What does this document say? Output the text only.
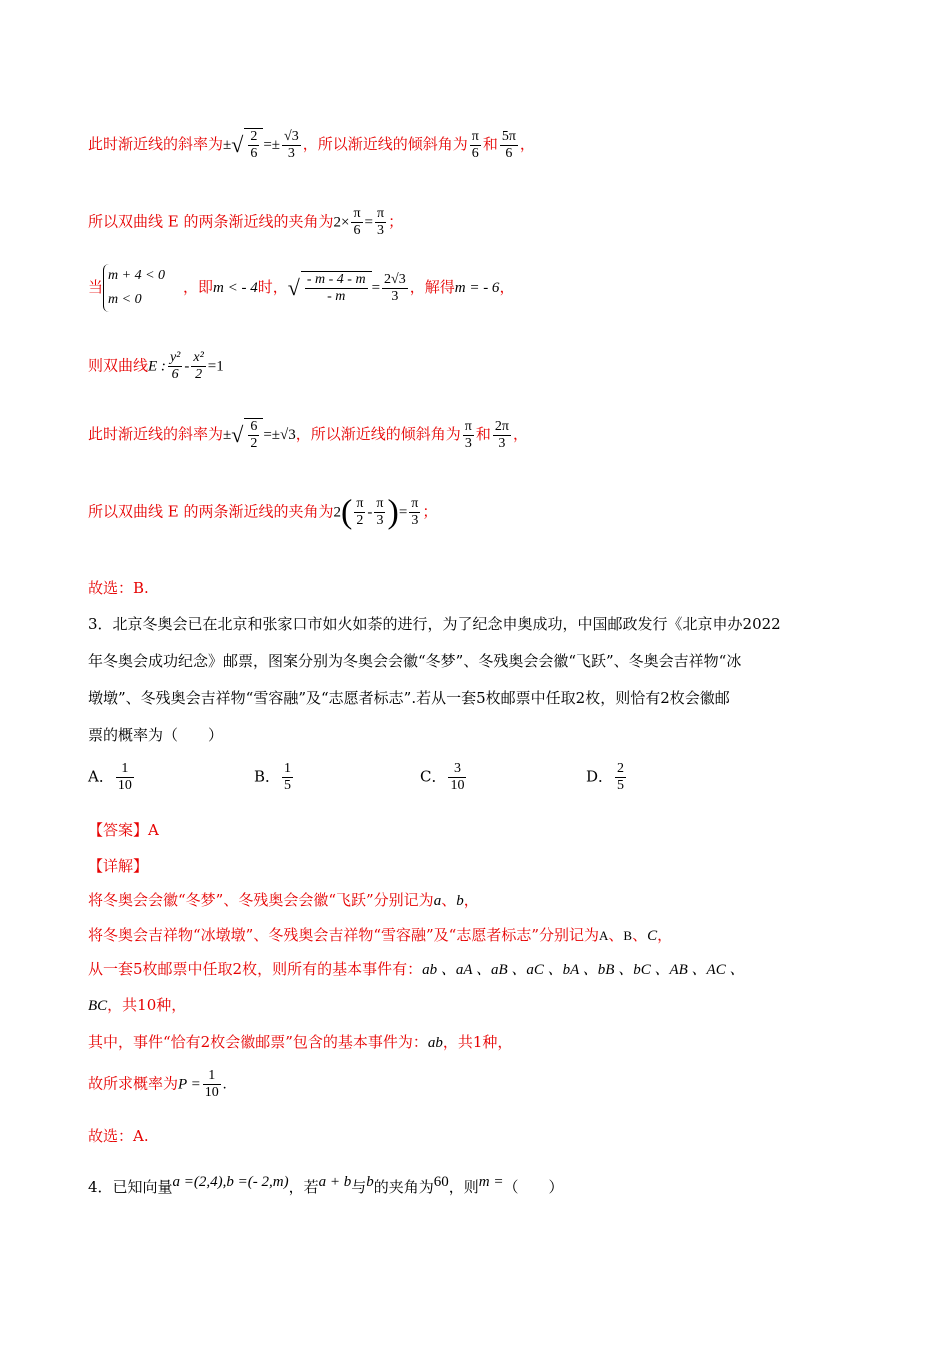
此时渐近线的斜率为±√ $\frac{2}{6} =\pm \frac{√3}{3}$ ，所以渐近线的倾斜角为 $\frac{\pi}{6}$ 和 $\frac{5\pi}{6}$ ，
所以双曲线 E 的两条渐近线的夹角为$2\times \frac{\pi}{6} = \frac{\pi}{3}$ ；
当
m + 4 < 0
m < 0
，即m < - 4时，√ $\frac{- m - 4 - m}{- m} = \frac{2√3}{3}$ ，解得m = - 6，
则双曲线E : $\frac{\text{y²}}{6} - \frac{\text{x²}}{2} =1$
此时渐近线的斜率为±√ $\frac{6}{2} =\pm√3$，所以渐近线的倾斜角为 $\frac{\pi}{3}$ 和 $\frac{2\pi}{3}$ ，
所以双曲线 E 的两条渐近线的夹角为$2( \frac{\pi}{2} - \frac{\pi}{3}$ )= $\frac{\pi}{3}$ ；
故选：B.
3．北京冬奥会已在北京和张家口市如火如荼的进行，为了纪念申奥成功，中国邮政发行《北京申办2022
年冬奥会成功纪念》邮票，图案分别为冬奥会会徽“冬梦”、冬残奥会会徽“飞跃”、冬奥会吉祥物“冰
墩墩”、冬残奥会吉祥物“雪容融”及“志愿者标志”.若从一套5枚邮票中任取2枚，则恰有2枚会徽邮
票的概率为（　　）
A． $\frac{1}{10}$	B． $\frac{1}{5}$	C． $\frac{3}{10}$	D． $\frac{2}{5}$
【答案】A
【详解】
将冬奥会会徽“冬梦”、冬残奥会会徽“飞跃”分别记为a、b，
将冬奥会吉祥物“冰墩墩”、冬残奥会吉祥物“雪容融”及“志愿者标志”分别记为A、B、C，
从一套5枚邮票中任取2枚，则所有的基本事件有：ab 、aA 、aB 、aC 、bA 、bB 、bC 、AB 、AC 、
BC，共10种，
其中，事件“恰有2枚会徽邮票”包含的基本事件为：ab，共1种，
故所求概率为$P = \frac{1}{10}$ .
故选：A.
4．已知向量a =(2,4),b =(- 2,m)，若a + b与b的夹角为60，则m =（　　）
